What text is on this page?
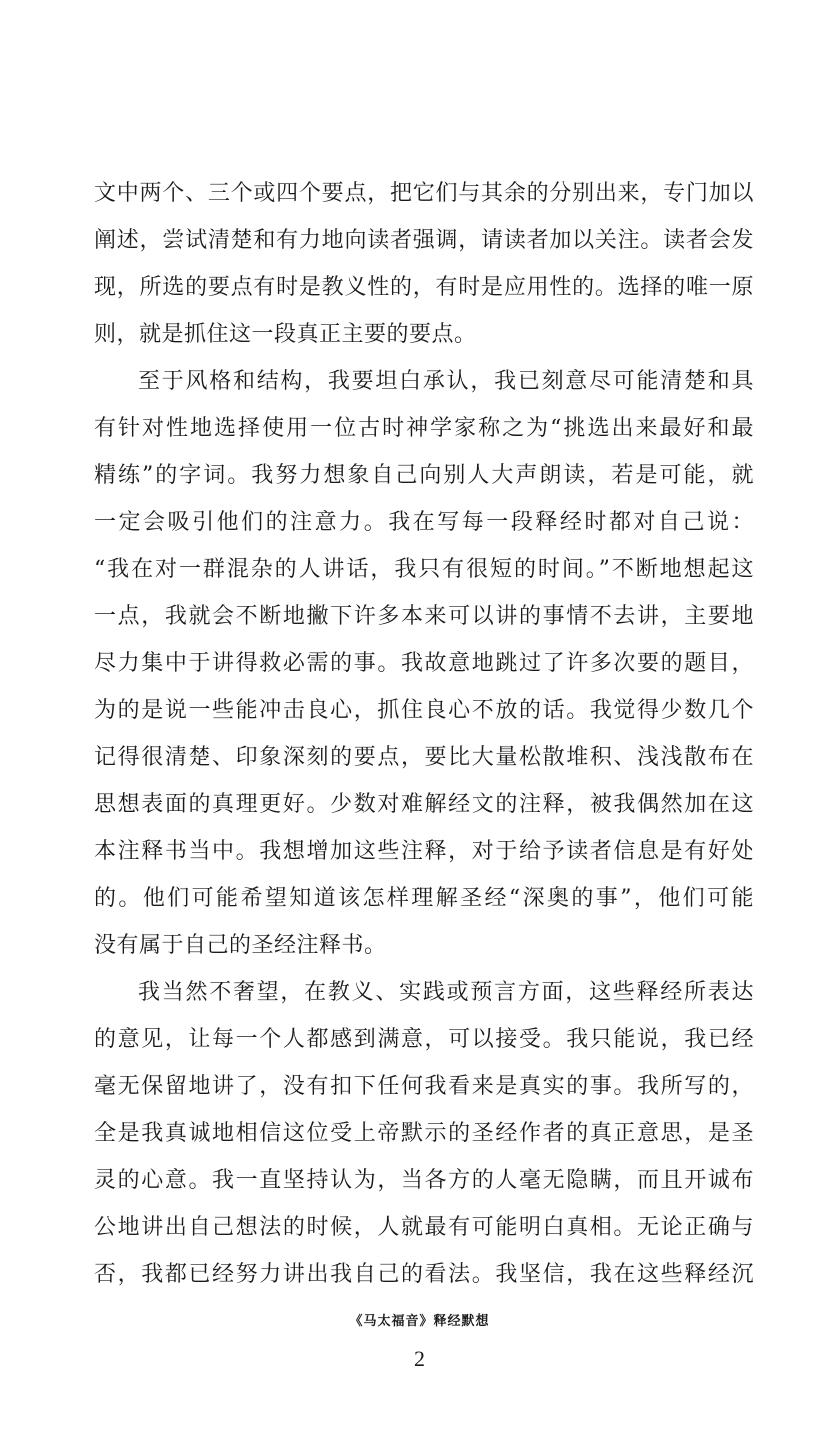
文中两个、三个或四个要点，把它们与其余的分别出来，专门加以
阐述，尝试清楚和有力地向读者强调，请读者加以关注。读者会发
现，所选的要点有时是教义性的，有时是应用性的。选择的唯一原
则，就是抓住这一段真正主要的要点。
至于风格和结构，我要坦白承认，我已刻意尽可能清楚和具
有针对性地选择使用一位古时神学家称之为“挑选出来最好和最
精练”的字词。我努力想象自己向别人大声朗读，若是可能，就
一定会吸引他们的注意力。我在写每一段释经时都对自己说：
“我在对一群混杂的人讲话，我只有很短的时间。”不断地想起这
一点，我就会不断地撇下许多本来可以讲的事情不去讲，主要地
尽力集中于讲得救必需的事。我故意地跳过了许多次要的题目，
为的是说一些能冲击良心，抓住良心不放的话。我觉得少数几个
记得很清楚、印象深刻的要点，要比大量松散堆积、浅浅散布在
思想表面的真理更好。少数对难解经文的注释，被我偶然加在这
本注释书当中。我想增加这些注释，对于给予读者信息是有好处
的。他们可能希望知道该怎样理解圣经“深奥的事”，他们可能
没有属于自己的圣经注释书。
我当然不奢望，在教义、实践或预言方面，这些释经所表达
的意见，让每一个人都感到满意，可以接受。我只能说，我已经
毫无保留地讲了，没有扣下任何我看来是真实的事。我所写的，
全是我真诚地相信这位受上帝默示的圣经作者的真正意思，是圣
灵的心意。我一直坚持认为，当各方的人毫无隐瞒，而且开诚布
公地讲出自己想法的时候，人就最有可能明白真相。无论正确与
否，我都已经努力讲出我自己的看法。我坚信，我在这些释经沉
《马太福音》释经默想
2
